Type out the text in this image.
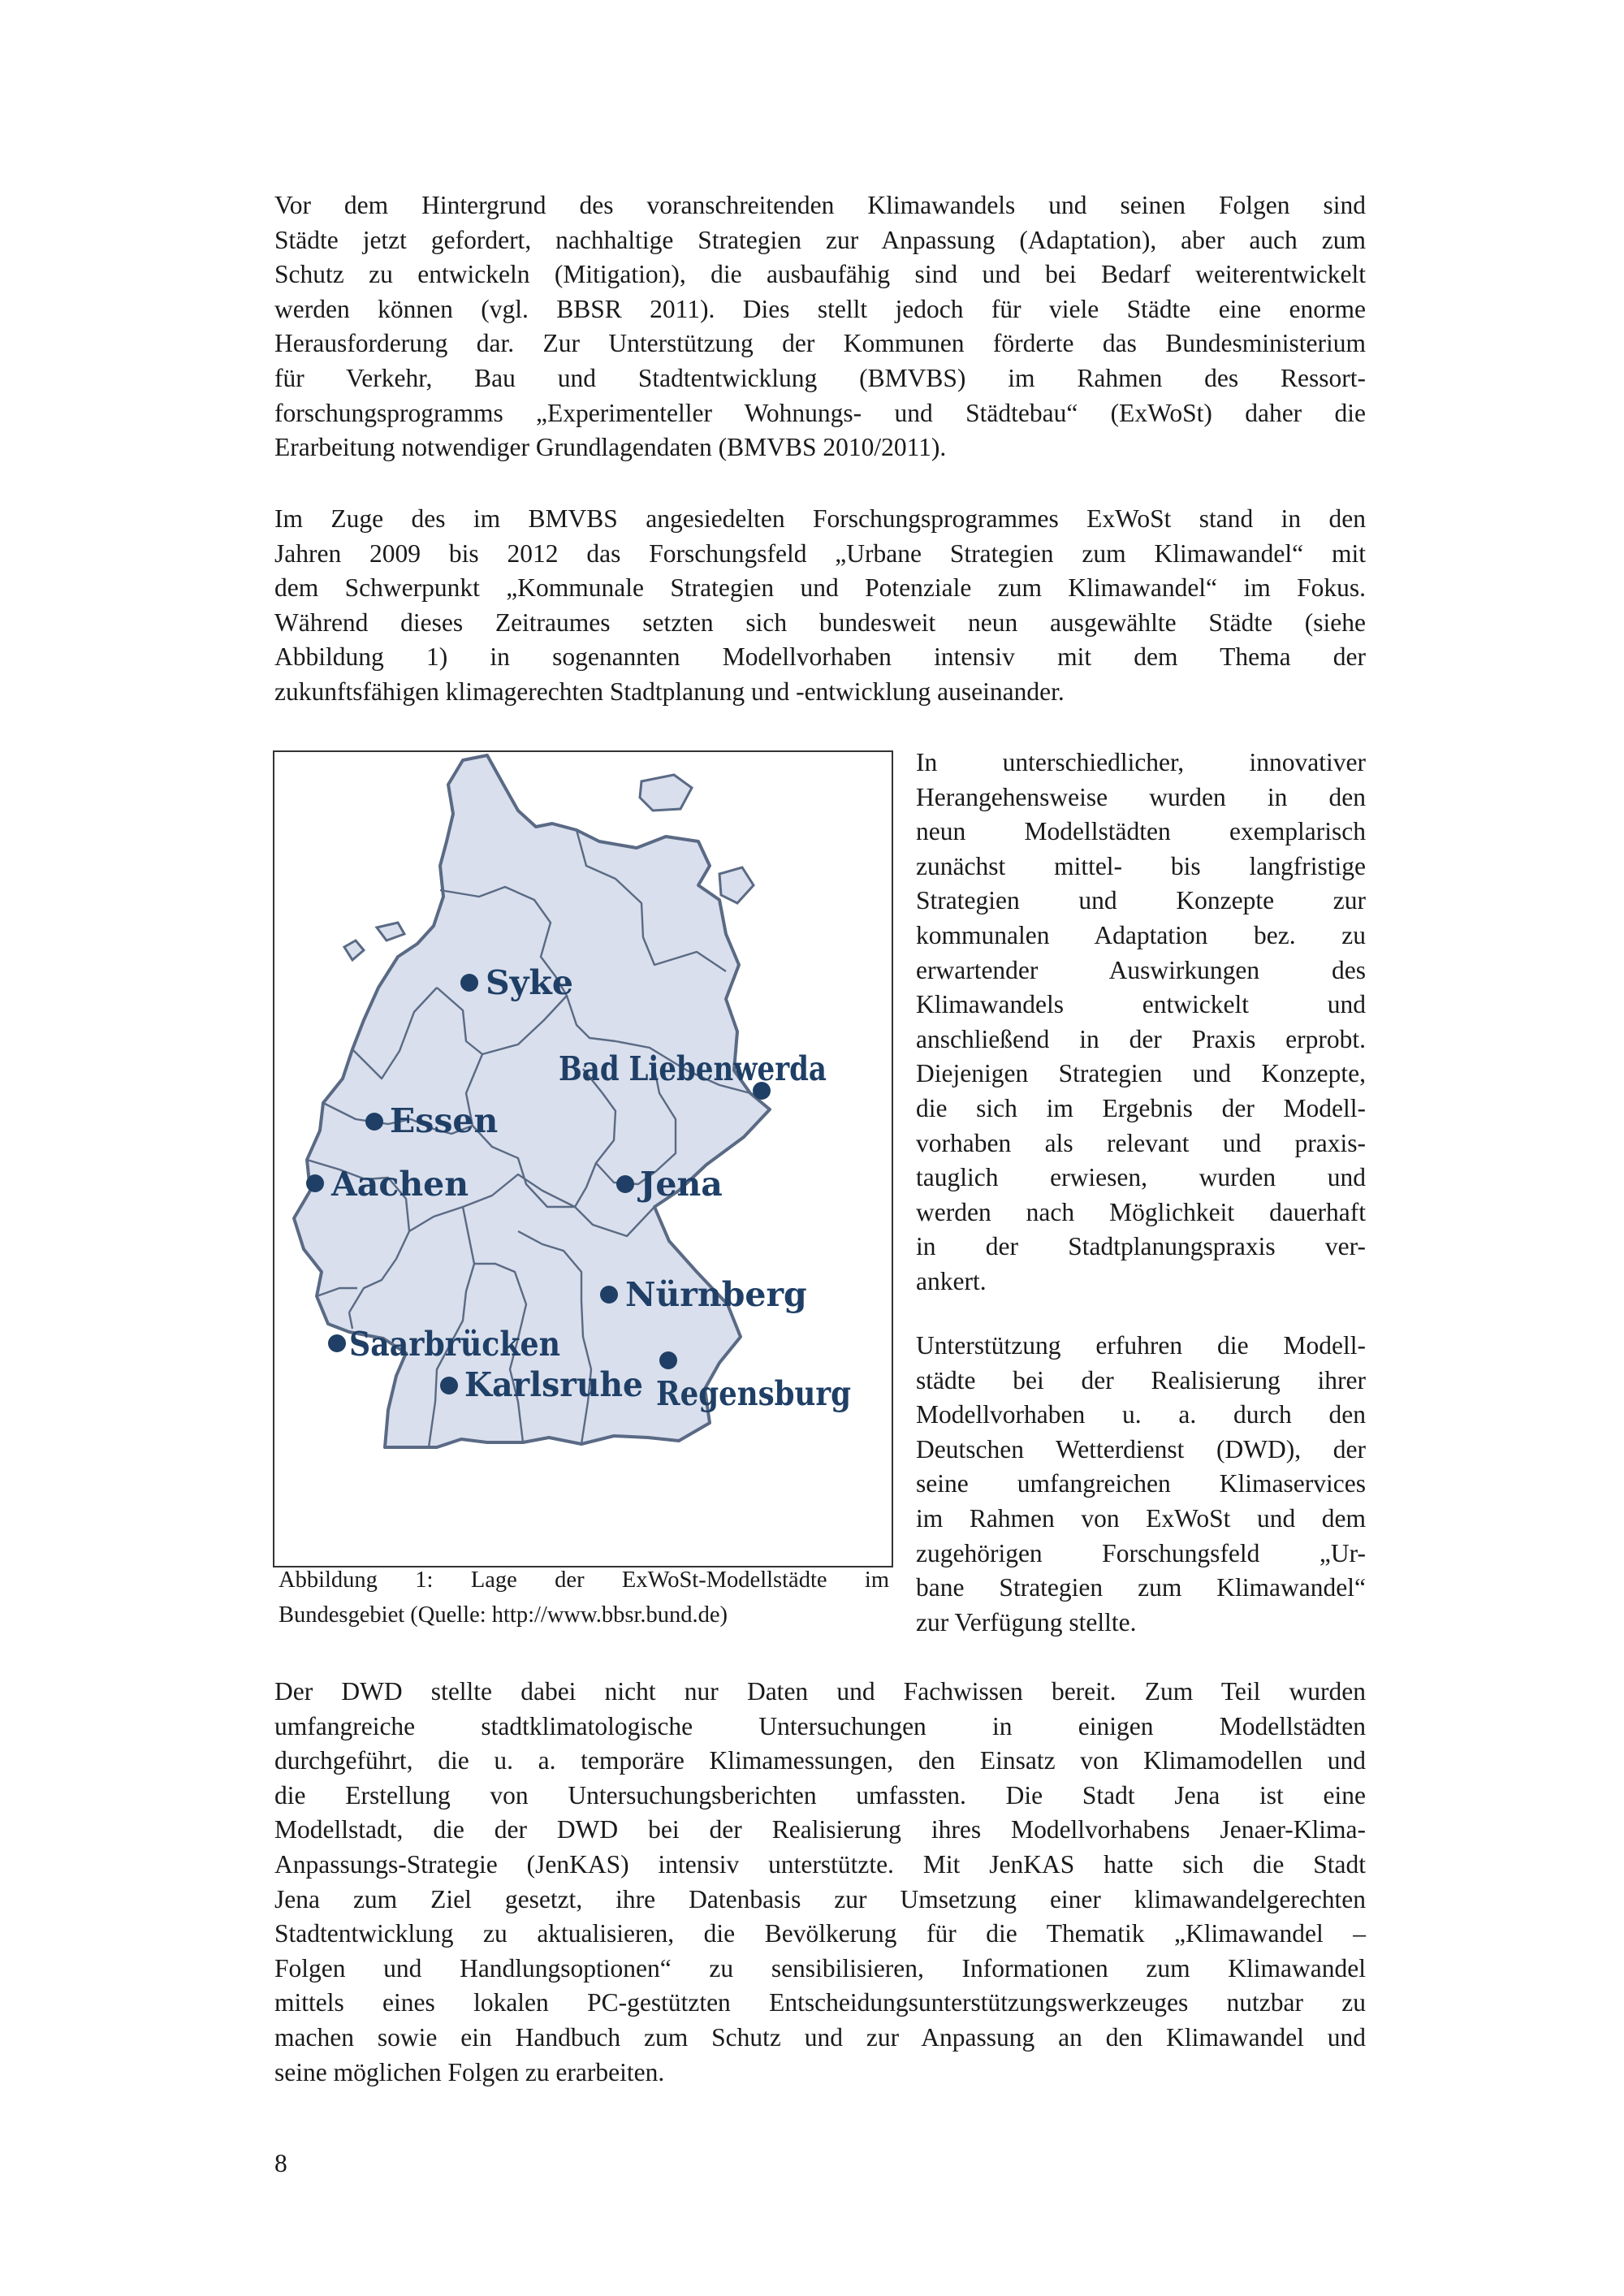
Vor dem Hintergrund des voranschreitenden Klimawandels und seinen Folgen sind
Städte jetzt gefordert, nachhaltige Strategien zur Anpassung (Adaptation), aber auch zum
Schutz zu entwickeln (Mitigation), die ausbaufähig sind und bei Bedarf weiterentwickelt
werden können (vgl. BBSR 2011). Dies stellt jedoch für viele Städte eine enorme
Herausforderung dar. Zur Unterstützung der Kommunen förderte das Bundesministerium
für Verkehr, Bau und Stadtentwicklung (BMVBS) im Rahmen des Ressort-
forschungsprogramms „Experimenteller Wohnungs- und Städtebau“ (ExWoSt) daher die
Erarbeitung notwendiger Grundlagendaten (BMVBS 2010/2011).
Im Zuge des im BMVBS angesiedelten Forschungsprogrammes ExWoSt stand in den
Jahren 2009 bis 2012 das Forschungsfeld „Urbane Strategien zum Klimawandel“ mit
dem Schwerpunkt „Kommunale Strategien und Potenziale zum Klimawandel“ im Fokus.
Während dieses Zeitraumes setzten sich bundesweit neun ausgewählte Städte (siehe
Abbildung 1) in sogenannten Modellvorhaben intensiv mit dem Thema der
zukunftsfähigen klimagerechten Stadtplanung und -entwicklung auseinander.
Syke
Bad Liebenwerda
Essen
Aachen	Jena
Nürnberg
Saarbrücken
Karlsruhe Regensburg
Abbildung 1: Lage der ExWoSt-Modellstädte im
Bundesgebiet (Quelle: http://www.bbsr.bund.de)
In unterschiedlicher, innovativer
Herangehensweise wurden in den
neun Modellstädten exemplarisch
zunächst mittel- bis langfristige
Strategien und Konzepte zur
kommunalen Adaptation bez. zu
erwartender Auswirkungen des
Klimawandels entwickelt und
anschließend in der Praxis erprobt.
Diejenigen Strategien und Konzepte,
die sich im Ergebnis der Modell-
vorhaben als relevant und praxis-
tauglich erwiesen, wurden und
werden nach Möglichkeit dauerhaft
in der Stadtplanungspraxis ver-
ankert.
Unterstützung erfuhren die Modell-
städte bei der Realisierung ihrer
Modellvorhaben u. a. durch den
Deutschen Wetterdienst (DWD), der
seine umfangreichen Klimaservices
im Rahmen von ExWoSt und dem
zugehörigen Forschungsfeld „Ur-
bane Strategien zum Klimawandel“
zur Verfügung stellte.
Der DWD stellte dabei nicht nur Daten und Fachwissen bereit. Zum Teil wurden
umfangreiche stadtklimatologische Untersuchungen in einigen Modellstädten
durchgeführt, die u. a. temporäre Klimamessungen, den Einsatz von Klimamodellen und
die Erstellung von Untersuchungsberichten umfassten. Die Stadt Jena ist eine
Modellstadt, die der DWD bei der Realisierung ihres Modellvorhabens Jenaer-Klima-
Anpassungs-Strategie (JenKAS) intensiv unterstützte. Mit JenKAS hatte sich die Stadt
Jena zum Ziel gesetzt, ihre Datenbasis zur Umsetzung einer klimawandelgerechten
Stadtentwicklung zu aktualisieren, die Bevölkerung für die Thematik „Klimawandel –
Folgen und Handlungsoptionen“ zu sensibilisieren, Informationen zum Klimawandel
mittels eines lokalen PC-gestützten Entscheidungsunterstützungswerkzeuges nutzbar zu
machen sowie ein Handbuch zum Schutz und zur Anpassung an den Klimawandel und
seine möglichen Folgen zu erarbeiten.
8
